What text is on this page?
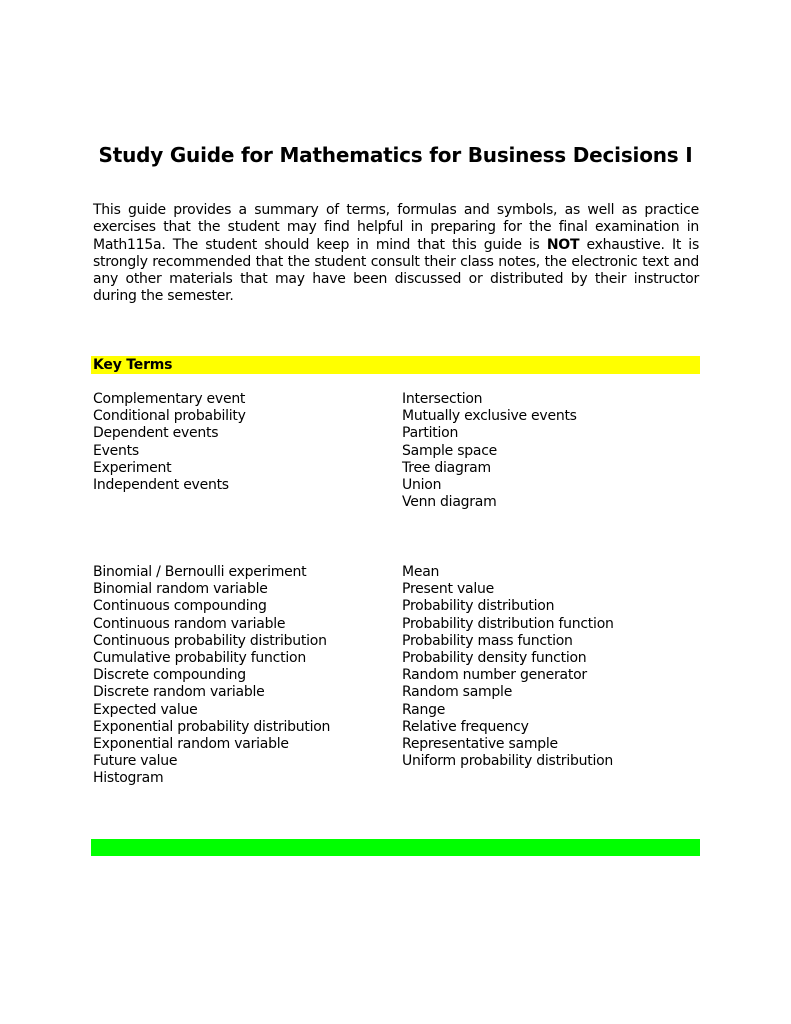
Study Guide for Mathematics for Business Decisions I
This guide provides a summary of terms, formulas and symbols, as well as practice exercises that the student may find helpful in preparing for the final examination in Math115a. The student should keep in mind that this guide is NOT exhaustive. It is strongly recommended that the student consult their class notes, the electronic text and any other materials that may have been discussed or distributed by their instructor during the semester.
Key Terms
Complementary event
Conditional probability
Dependent events
Events
Experiment
Independent events
Intersection
Mutually exclusive events
Partition
Sample space
Tree diagram
Union
Venn diagram
Binomial / Bernoulli experiment
Binomial random variable
Continuous compounding
Continuous random variable
Continuous probability distribution
Cumulative probability function
Discrete compounding
Discrete random variable
Expected value
Exponential probability distribution
Exponential random variable
Future value
Histogram
Mean
Present value
Probability distribution
Probability distribution function
Probability mass function
Probability density function
Random number generator
Random sample
Range
Relative frequency
Representative sample
Uniform probability distribution
